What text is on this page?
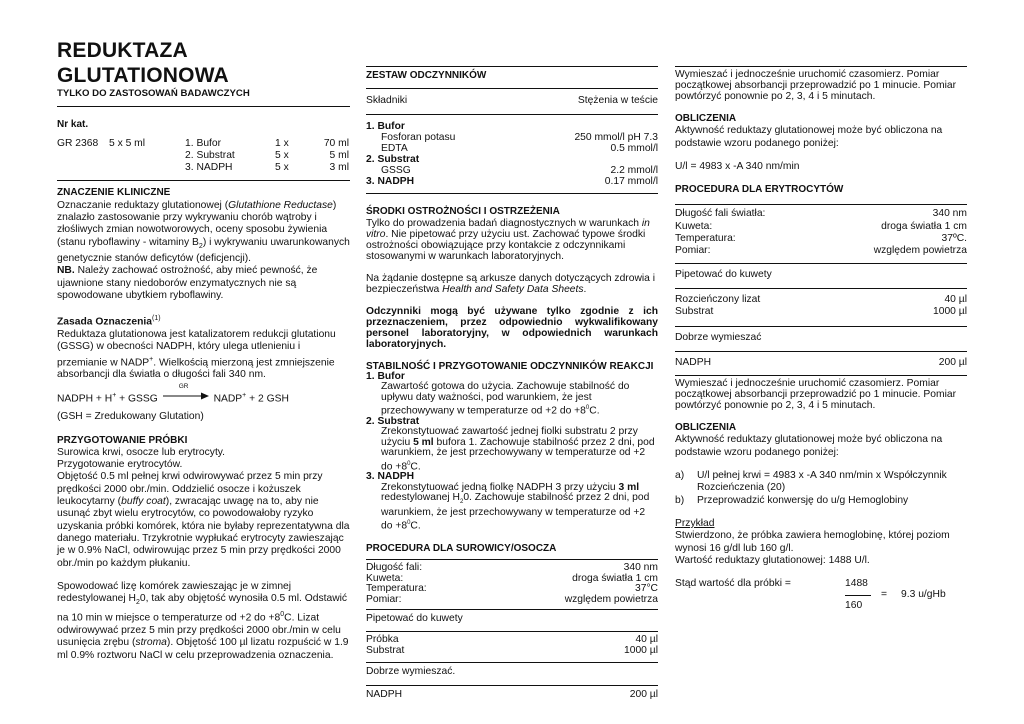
REDUKTAZA
GLUTATIONOWA

TYLKO DO ZASTOSOWAŃ BADAWCZYCH

Nr kat.

GR 2368	5 x 5 ml	1. Bufor	1 x	70 ml
		2. Substrat	5 x	5 ml
		3. NADPH	5 x	3 ml

ZNACZENIE KLINICZNE

Oznaczanie reduktazy glutationowej (Glutathione Reductase) znalazło zastosowanie przy wykrywaniu chorób wątroby i złośliwych zmian nowotworowych, oceny sposobu żywienia (stanu ryboflawiny - witaminy $B_2$) i wykrywaniu uwarunkowanych genetycznie stanów deficytów (deficjencji).

NB. Należy zachować ostrożność, aby mieć pewność, że ujawnione stany niedoborów enzymatycznych nie są spowodowane ubytkiem ryboflawiny.

Zasada Oznaczenia$^{(1)}$

Reduktaza glutationowa jest katalizatorem redukcji glutationu (GSSG) w obecności NADPH, który ulega utlenieniu i przemianie w NADP+. Wielkością mierzoną jest zmniejszenie absorbancji dla światła o długości fali 340 nm.

NADPH + H+ + GSSG
GR
NADP+ + 2 GSH

(GSH = Zredukowany Glutation)

PRZYGOTOWANIE PRÓBKI

Surowica krwi, osocze lub erytrocyty.

Przygotowanie erytrocytów.

Objętość 0.5 ml pełnej krwi odwirowywać przez 5 min przy prędkości 2000 obr./min. Oddzielić osocze i kożuszek leukocytarny (buffy coat), zwracając uwagę na to, aby nie usunąć zbyt wielu erytrocytów, co powodowałoby ryzyko uzyskania próbki komórek, która nie byłaby reprezentatywna dla danego materiału. Trzykrotnie wypłukać erytrocyty zawieszając je w 0.9% NaCl, odwirowując przez 5 min przy prędkości 2000 obr./min po każdym płukaniu.

Spowodować lizę komórek zawieszając je w zimnej redestylowanej $H_20$, tak aby objętość wynosiła 0.5 ml. Odstawić na 10 min w miejsce o temperaturze od +2 do $+8^0C$. Lizat odwirowywać przez 5 min przy prędkości 2000 obr./min w celu usunięcia zrębu (stroma). Objętość 100 µl lizatu rozpuścić w 1.9 ml 0.9% roztworu NaCl w celu przeprowadzenia oznaczenia.

ZESTAW ODCZYNNIKÓW

Składniki	Stężenia w teście
1. Bufor
Fosforan potasu	250 mmol/l pH 7.3
EDTA	0.5 mmol/l
2. Substrat
GSSG	2.2 mmol/l
3. NADPH	0.17 mmol/l

ŚRODKI OSTROŻNOŚCI I OSTRZEŻENIA

Tylko do prowadzenia badań diagnostycznych w warunkach in vitro. Nie pipetować przy użyciu ust. Zachować typowe środki ostrożności obowiązujące przy kontakcie z odczynnikami stosowanymi w warunkach laboratoryjnych.

Na żądanie dostępne są arkusze danych dotyczących zdrowia i bezpieczeństwa Health and Safety Data Sheets.

Odczynniki mogą być używane tylko zgodnie z ich przeznaczeniem, przez odpowiednio wykwalifikowany personel laboratoryjny, w odpowiednich warunkach laboratoryjnych.

STABILNOŚĆ I PRZYGOTOWANIE ODCZYNNIKÓW REAKCJI

1. Bufor

Zawartość gotowa do użycia. Zachowuje stabilność do upływu daty ważności, pod warunkiem, że jest przechowywany w temperaturze od +2 do $+8^0C$.

2. Substrat

Zrekonstytuować zawartość jednej fiolki substratu 2 przy użyciu 5 ml bufora 1. Zachowuje stabilność przez 2 dni, pod warunkiem, że jest przechowywany w temperaturze od +2 do $+8^0C$.

3. NADPH

Zrekonstytuować jedną fiolkę NADPH 3 przy użyciu 3 ml redestylowanej $H_20$. Zachowuje stabilność przez 2 dni, pod warunkiem, że jest przechowywany w temperaturze od +2 do $+8^0C$.

PROCEDURA DLA SUROWICY/OSOCZA

Długość fali:	340 nm
Kuweta:	droga światła 1 cm
Temperatura:	37°C
Pomiar:	względem powietrza

Pipetować do kuwety

Próbka	40 µl
Substrat	1000 µl

Dobrze wymieszać.

NADPH	200 µl

Wymieszać i jednocześnie uruchomić czasomierz. Pomiar początkowej absorbancji przeprowadzić po 1 minucie. Pomiar powtórzyć ponownie po 2, 3, 4 i 5 minutach.

OBLICZENIA

Aktywność reduktazy glutationowej może być obliczona na podstawie wzoru podanego poniżej:

U/l = 4983 x -A 340 nm/min

PROCEDURA DLA ERYTROCYTÓW

Długość fali światła:	340 nm
Kuweta:	droga światła 1 cm
Temperatura:	37ºC.
Pomiar:	względem powietrza

Pipetować do kuwety

Rozcieńczony lizat	40 µl
Substrat	1000 µl

Dobrze wymieszać

NADPH	200 µl

Wymieszać i jednocześnie uruchomić czasomierz. Pomiar początkowej absorbancji przeprowadzić po 1 minucie. Pomiar powtórzyć ponownie po 2, 3, 4 i 5 minutach.

OBLICZENIA

Aktywność reduktazy glutationowej może być obliczona na podstawie wzoru podanego poniżej:

a)	U/l pełnej krwi = 4983 x -A 340 nm/min x Współczynnik Rozcieńczenia (20)
b)	Przeprowadzić konwersję do u/g Hemoglobiny

Przykład

Stwierdzono, że próbka zawiera hemoglobinę, której poziom wynosi 16 g/dl lub 160 g/l.

Wartość reduktazy glutationowej: 1488 U/l.

Stąd wartość dla próbki =	$\frac{1488}{160} = 9.3$ u/gHb
